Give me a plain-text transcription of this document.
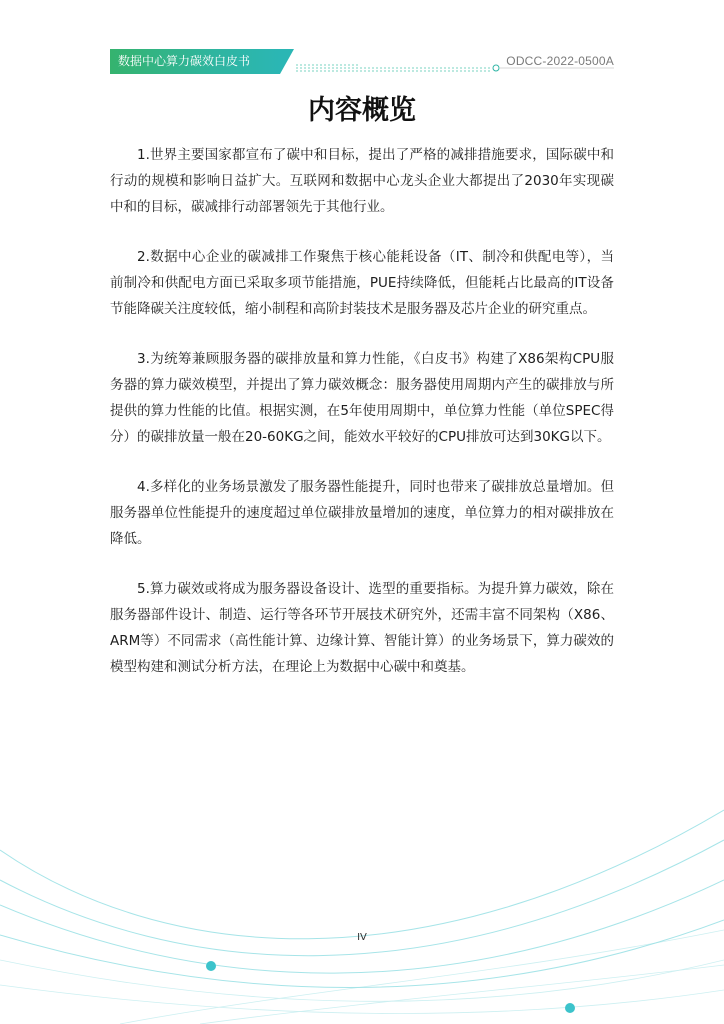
数据中心算力碳效白皮书	ODCC-2022-0500A
内容概览

1.世界主要国家都宣布了碳中和目标，提出了严格的减排措施要求，国际碳中和行动的规模和影响日益扩大。互联网和数据中心龙头企业大都提出了2030年实现碳中和的目标，碳减排行动部署领先于其他行业。

2.数据中心企业的碳减排工作聚焦于核心能耗设备（IT、制冷和供配电等），当前制冷和供配电方面已采取多项节能措施，PUE持续降低，但能耗占比最高的IT设备节能降碳关注度较低，缩小制程和高阶封装技术是服务器及芯片企业的研究重点。

3.为统筹兼顾服务器的碳排放量和算力性能，《白皮书》构建了X86架构CPU服务器的算力碳效模型，并提出了算力碳效概念：服务器使用周期内产生的碳排放与所提供的算力性能的比值。根据实测，在5年使用周期中，单位算力性能（单位SPEC得分）的碳排放量一般在20-60KG之间，能效水平较好的CPU排放可达到30KG以下。

4.多样化的业务场景激发了服务器性能提升，同时也带来了碳排放总量增加。但服务器单位性能提升的速度超过单位碳排放量增加的速度，单位算力的相对碳排放在降低。

5.算力碳效或将成为服务器设备设计、选型的重要指标。为提升算力碳效，除在服务器部件设计、制造、运行等各环节开展技术研究外，还需丰富不同架构（X86、ARM等）不同需求（高性能计算、边缘计算、智能计算）的业务场景下，算力碳效的模型构建和测试分析方法，在理论上为数据中心碳中和奠基。

IV
